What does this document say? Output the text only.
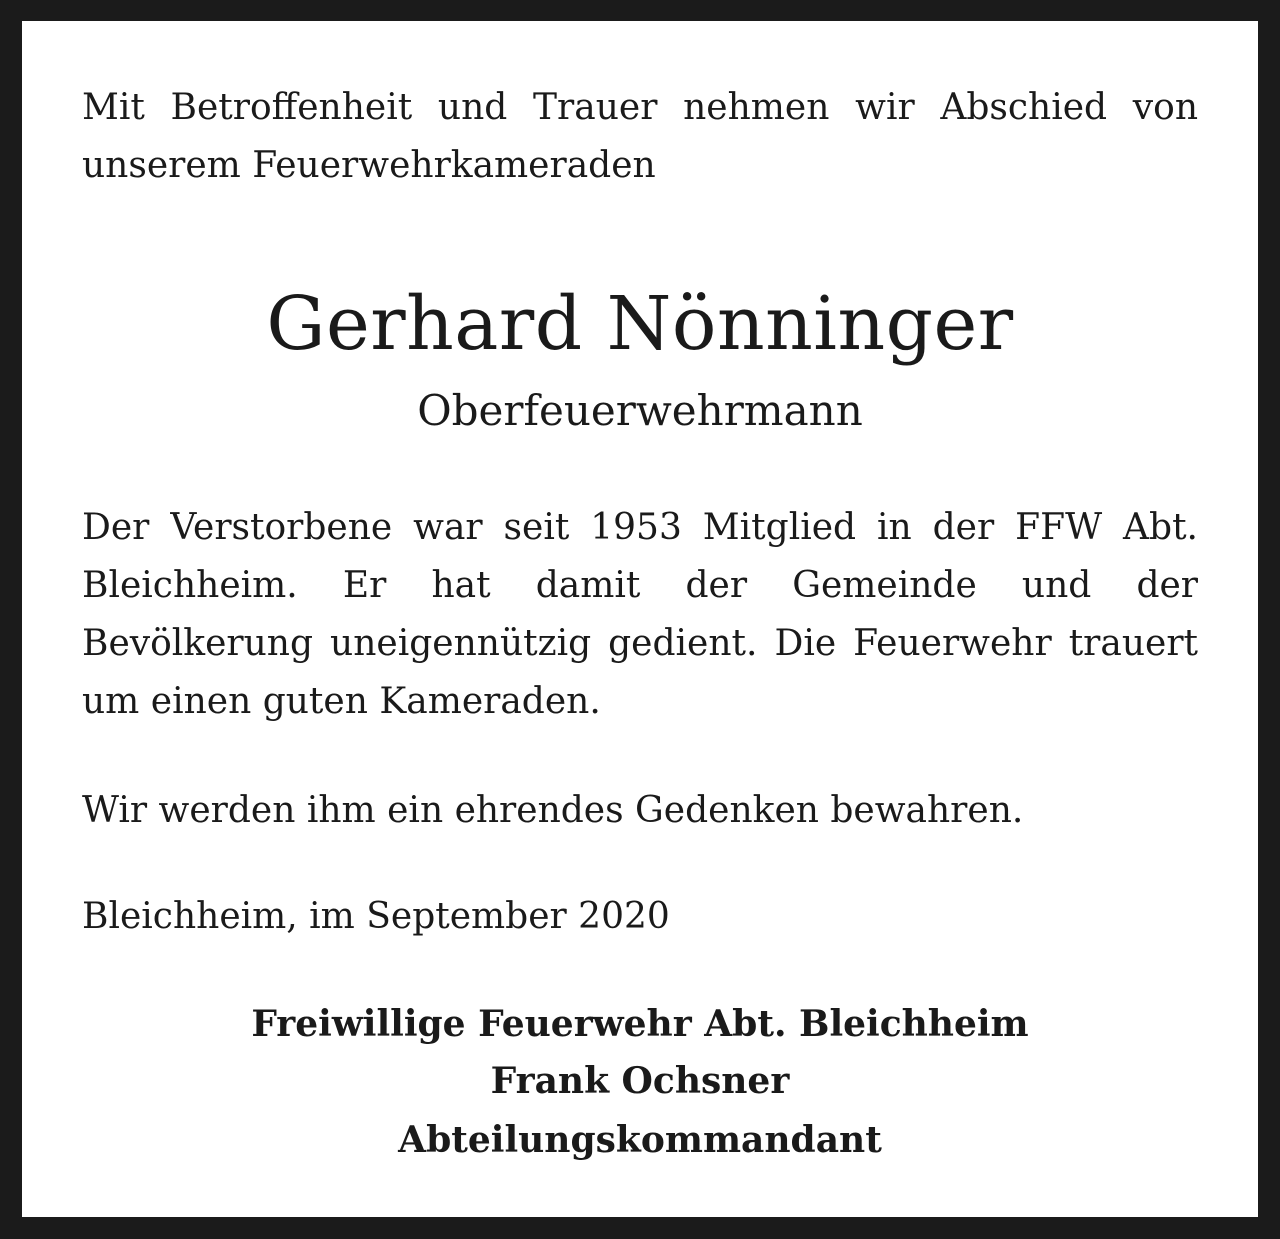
Mit Betroffenheit und Trauer nehmen wir Abschied von unserem Feuerwehrkameraden
Gerhard Nönninger
Oberfeuerwehrmann
Der Verstorbene war seit 1953 Mitglied in der FFW Abt. Bleichheim. Er hat damit der Gemeinde und der Bevölkerung uneigennützig gedient. Die Feuerwehr trauert um einen guten Kameraden.
Wir werden ihm ein ehrendes Gedenken bewahren.
Bleichheim, im September 2020
Freiwillige Feuerwehr Abt. Bleichheim
Frank Ochsner
Abteilungskommandant
